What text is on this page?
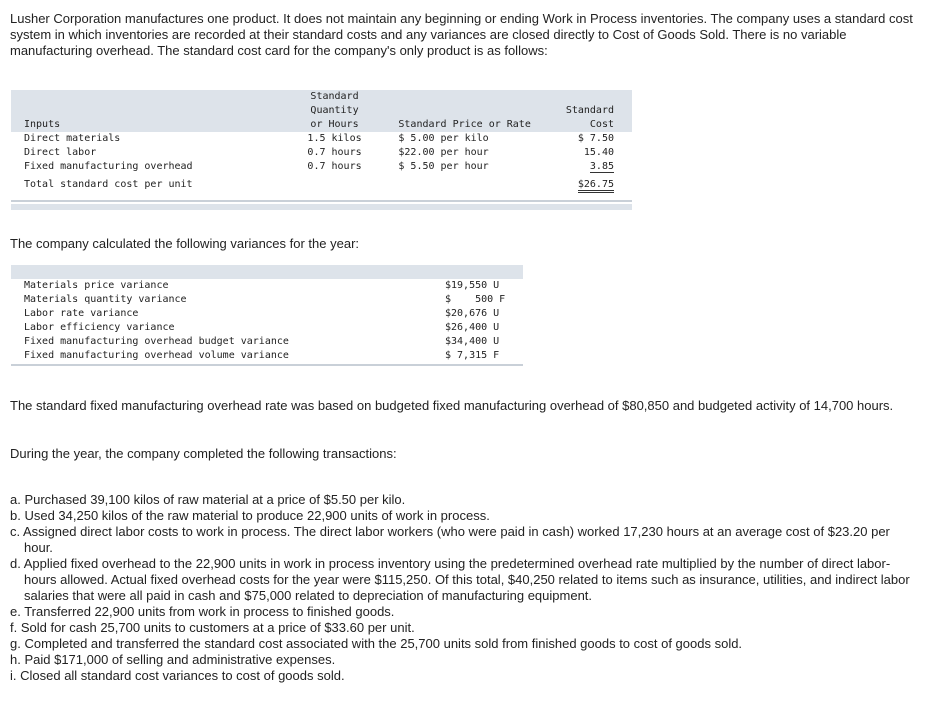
Lusher Corporation manufactures one product. It does not maintain any beginning or ending Work in Process inventories. The company uses a standard cost system in which inventories are recorded at their standard costs and any variances are closed directly to Cost of Goods Sold. There is no variable manufacturing overhead. The standard cost card for the company's only product is as follows:

	Standard		
	Quantity		Standard
Inputs	or Hours	Standard Price or Rate	Cost
Direct materials	1.5 kilos	$ 5.00 per kilo	$ 7.50
Direct labor	0.7 hours	$22.00 per hour	15.40
Fixed manufacturing overhead	0.7 hours	$ 5.50 per hour	3.85
Total standard cost per unit			$26.75

The company calculated the following variances for the year:

Materials price variance	$19,550 U
Materials quantity variance	$    500 F
Labor rate variance	$20,676 U
Labor efficiency variance	$26,400 U
Fixed manufacturing overhead budget variance	$34,400 U
Fixed manufacturing overhead volume variance	$ 7,315 F

The standard fixed manufacturing overhead rate was based on budgeted fixed manufacturing overhead of $80,850 and budgeted activity of 14,700 hours.

During the year, the company completed the following transactions:

a. Purchased 39,100 kilos of raw material at a price of $5.50 per kilo.
b. Used 34,250 kilos of the raw material to produce 22,900 units of work in process.
c. Assigned direct labor costs to work in process. The direct labor workers (who were paid in cash) worked 17,230 hours at an average cost of $23.20 per hour.
d. Applied fixed overhead to the 22,900 units in work in process inventory using the predetermined overhead rate multiplied by the number of direct labor-hours allowed. Actual fixed overhead costs for the year were $115,250. Of this total, $40,250 related to items such as insurance, utilities, and indirect labor salaries that were all paid in cash and $75,000 related to depreciation of manufacturing equipment.
e. Transferred 22,900 units from work in process to finished goods.
f. Sold for cash 25,700 units to customers at a price of $33.60 per unit.
g. Completed and transferred the standard cost associated with the 25,700 units sold from finished goods to cost of goods sold.
h. Paid $171,000 of selling and administrative expenses.
i. Closed all standard cost variances to cost of goods sold.
